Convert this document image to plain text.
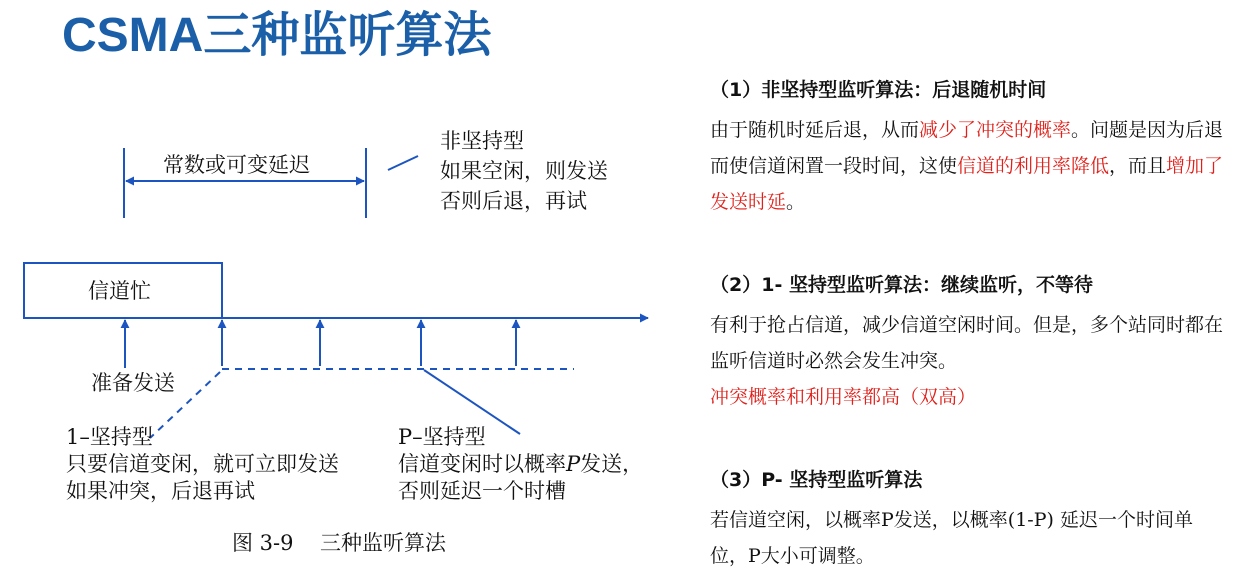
CSMA三种监听算法
常数或可变延迟
非坚持型
如果空闲，则发送
否则后退，再试
信道忙
准备发送
1–坚持型
只要信道变闲，就可立即发送
如果冲突，后退再试
P–坚持型
信道变闲时以概率P发送，
否则延迟一个时槽
图 3-9 三种监听算法
（1）非坚持型监听算法：后退随机时间

由于随机时延后退，从而减少了冲突的概率。问题是因为后退而使信道闲置一段时间，这使信道的利用率降低，而且增加了发送时延。

（2）1- 坚持型监听算法：继续监听，不等待

有利于抢占信道，减少信道空闲时间。但是，多个站同时都在监听信道时必然会发生冲突。

冲突概率和利用率都高（双高）

（3）P- 坚持型监听算法

若信道空闲，以概率P发送，以概率(1-P) 延迟一个时间单位，P大小可调整。
